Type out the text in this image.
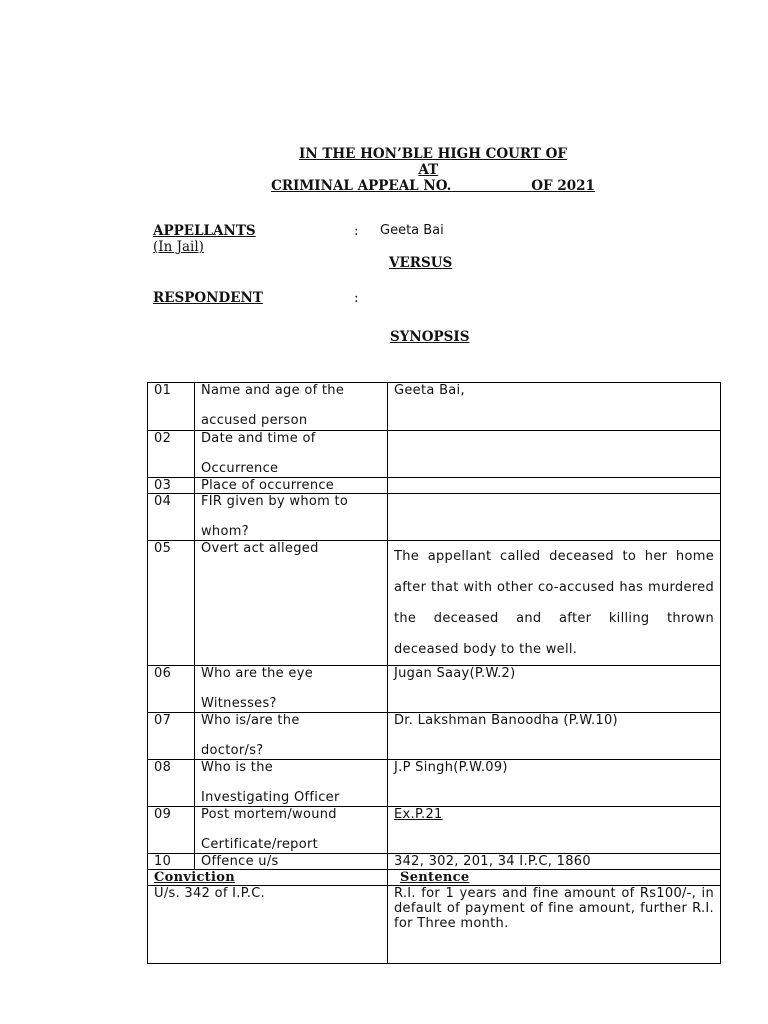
IN THE HON’BLE HIGH COURT OF
AT
CRIMINAL APPEAL NO.	OF 2021
APPELLANTS	: Geeta Bai
(In Jail)
VERSUS
RESPONDENT	:
SYNOPSIS
01	Name and age of the

accused person	Geeta Bai,
02	Date and time of

Occurrence	
03	Place of occurrence	
04	FIR given by whom to

whom?	
05	Overt act alleged	The appellant called deceased to her home after that with other co-accused has murdered the deceased and after killing thrown deceased body to the well.
06	Who are the eye

Witnesses?	Jugan Saay(P.W.2)
07	Who is/are the

doctor/s?	Dr. Lakshman Banoodha (P.W.10)
08	Who is the

Investigating Officer	J.P Singh(P.W.09)
09	Post mortem/wound

Certificate/report	Ex.P.21
10	Offence u/s	342, 302, 201, 34 I.P.C, 1860
Conviction		Sentence
U/s. 342 of I.P.C.		R.I. for 1 years and fine amount of Rs100/-, in default of payment of fine amount, further R.I. for Three month.
